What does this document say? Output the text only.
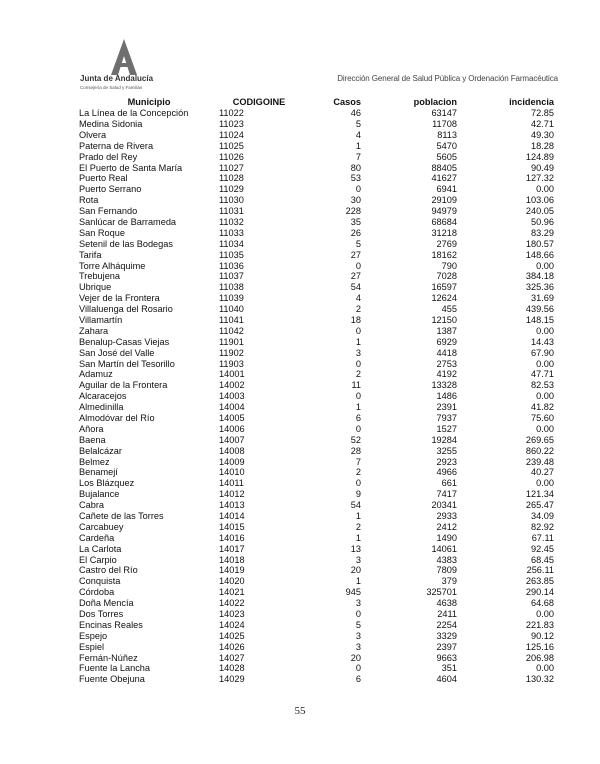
Junta de Andalucía
Consejería de Salud y Familias
Dirección General de Salud Pública y Ordenación Farmacéutica
Municipio	CODIGOINE	Casos	poblacion	incidencia
La Línea de la Concepción	11022	46	63147	72.85
Medina Sidonia	11023	5	11708	42.71
Olvera	11024	4	8113	49.30
Paterna de Rivera	11025	1	5470	18.28
Prado del Rey	11026	7	5605	124.89
El Puerto de Santa María	11027	80	88405	90.49
Puerto Real	11028	53	41627	127.32
Puerto Serrano	11029	0	6941	0.00
Rota	11030	30	29109	103.06
San Fernando	11031	228	94979	240.05
Sanlúcar de Barrameda	11032	35	68684	50.96
San Roque	11033	26	31218	83.29
Setenil de las Bodegas	11034	5	2769	180.57
Tarifa	11035	27	18162	148.66
Torre Alháquime	11036	0	790	0.00
Trebujena	11037	27	7028	384.18
Ubrique	11038	54	16597	325.36
Vejer de la Frontera	11039	4	12624	31.69
Villaluenga del Rosario	11040	2	455	439.56
Villamartín	11041	18	12150	148.15
Zahara	11042	0	1387	0.00
Benalup-Casas Viejas	11901	1	6929	14.43
San José del Valle	11902	3	4418	67.90
San Martín del Tesorillo	11903	0	2753	0.00
Adamuz	14001	2	4192	47.71
Aguilar de la Frontera	14002	11	13328	82.53
Alcaracejos	14003	0	1486	0.00
Almedinilla	14004	1	2391	41.82
Almodóvar del Río	14005	6	7937	75.60
Añora	14006	0	1527	0.00
Baena	14007	52	19284	269.65
Belalcázar	14008	28	3255	860.22
Belmez	14009	7	2923	239.48
Benamejí	14010	2	4966	40.27
Los Blázquez	14011	0	661	0.00
Bujalance	14012	9	7417	121.34
Cabra	14013	54	20341	265.47
Cañete de las Torres	14014	1	2933	34.09
Carcabuey	14015	2	2412	82.92
Cardeña	14016	1	1490	67.11
La Carlota	14017	13	14061	92.45
El Carpio	14018	3	4383	68.45
Castro del Río	14019	20	7809	256.11
Conquista	14020	1	379	263.85
Córdoba	14021	945	325701	290.14
Doña Mencía	14022	3	4638	64.68
Dos Torres	14023	0	2411	0.00
Encinas Reales	14024	5	2254	221.83
Espejo	14025	3	3329	90.12
Espiel	14026	3	2397	125.16
Fernán-Núñez	14027	20	9663	206.98
Fuente la Lancha	14028	0	351	0.00
Fuente Obejuna	14029	6	4604	130.32
55
